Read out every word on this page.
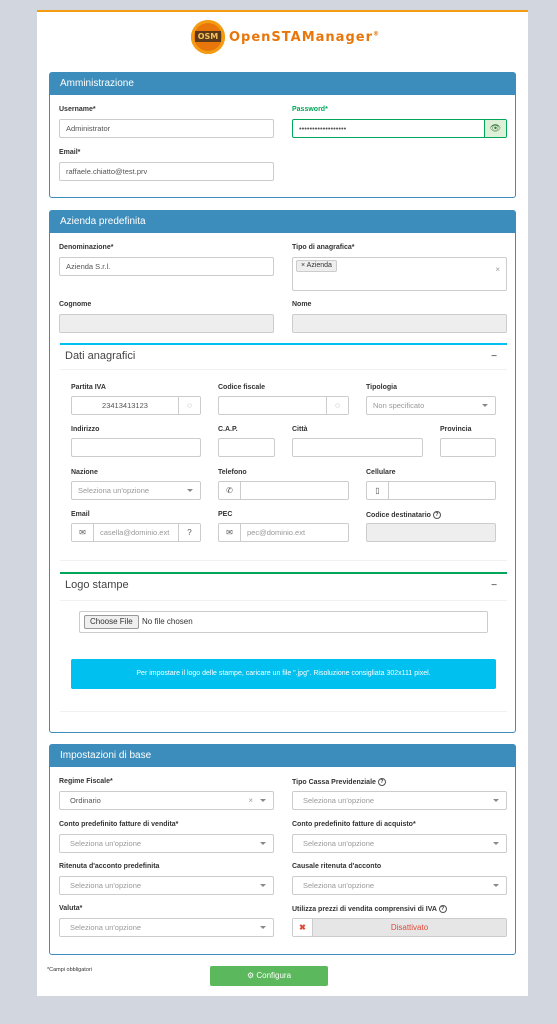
OSM OpenSTAManager®
Amministrazione
Username*
Administrator
Password*
••••••••••••••••••	👁
Email*
raffaele.chiatto@test.prv
Azienda predefinita
Denominazione*
Azienda S.r.l.
Tipo di anagrafica*
× Azienda	×
Cognome	Nome
Dati anagrafici	−
Partita IVA
23413413123	◌
Codice fiscale
◌
Tipologia
Non specificato
Indirizzo	C.A.P.	Città	Provincia
Nazione
Seleziona un'opzione
Telefono
✆
Cellulare
▯
Email
✉	casella@dominio.ext	?
PEC
✉	pec@dominio.ext
Codice destinatario ?
Logo stampe	−
Choose File	No file chosen
Per impostare il logo delle stampe, caricare un file ".jpg". Risoluzione consigliata 302x111 pixel.
Impostazioni di base
Regime Fiscale*
Ordinario	×
Tipo Cassa Previdenziale ?
Seleziona un'opzione
Conto predefinito fatture di vendita*
Seleziona un'opzione
Conto predefinito fatture di acquisto*
Seleziona un'opzione
Ritenuta d'acconto predefinita
Seleziona un'opzione
Causale ritenuta d'acconto
Seleziona un'opzione
Valuta*
Seleziona un'opzione
Utilizza prezzi di vendita comprensivi di IVA ?
✖	Disattivato
*Campi obbligatori
⚙ Configura
